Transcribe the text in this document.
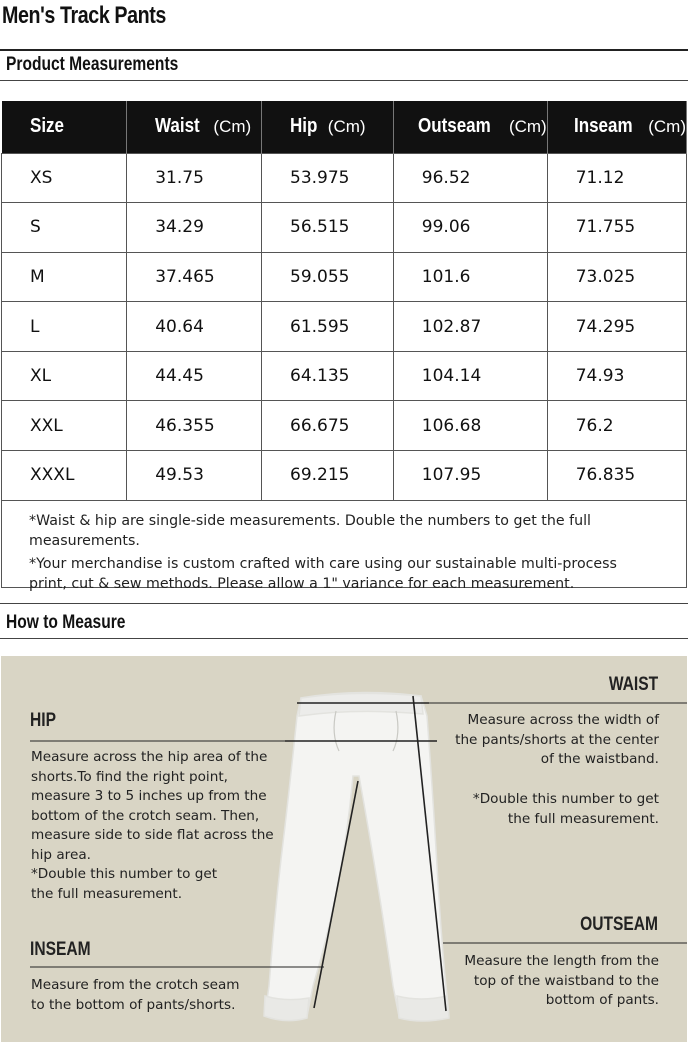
Men's Track Pants
Product Measurements
Size	Waist (Cm)	Hip (Cm)	Outseam (Cm)	Inseam (Cm)
XS	31.75	53.975	96.52	71.12
S	34.29	56.515	99.06	71.755
M	37.465	59.055	101.6	73.025
L	40.64	61.595	102.87	74.295
XL	44.45	64.135	104.14	74.93
XXL	46.355	66.675	106.68	76.2
XXXL	49.53	69.215	107.95	76.835

*Waist & hip are single-side measurements. Double the numbers to get the full measurements.

*Your merchandise is custom crafted with care using our sustainable multi-process print, cut & sew methods. Please allow a 1" variance for each measurement.

How to Measure
HIP
Measure across the hip area of the shorts.To find the right point, measure 3 to 5 inches up from the bottom of the crotch seam. Then, measure side to side flat across the hip area.
*Double this number to get the full measurement.
WAIST
Measure across the width of the pants/shorts at the center of the waistband.
*Double this number to get the full measurement.
INSEAM
Measure from the crotch seam to the bottom of pants/shorts.
OUTSEAM
Measure the length from the top of the waistband to the bottom of pants.
